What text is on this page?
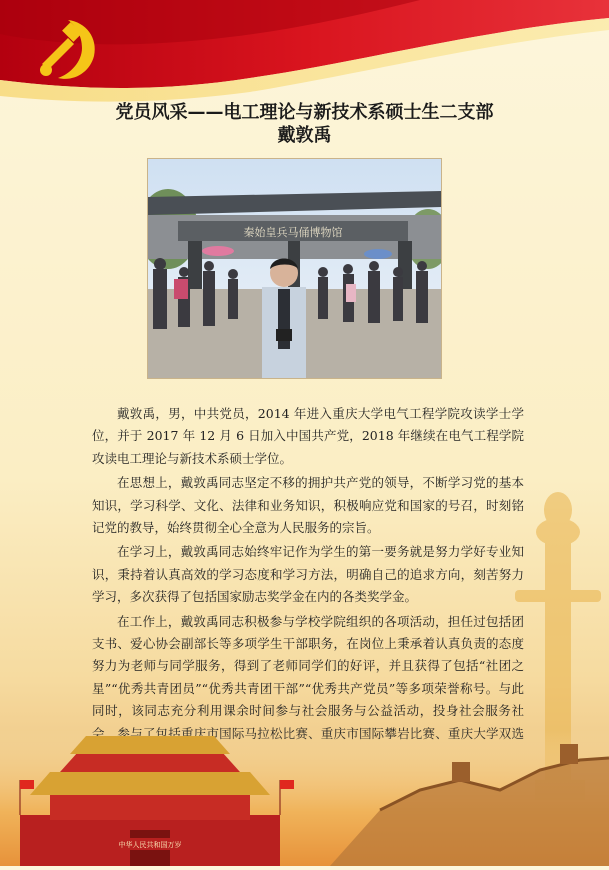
党员风采——电工理论与新技术系硕士生二支部
戴敦禹
秦始皇兵马俑博物馆

戴敦禹，男，中共党员，2014 年进入重庆大学电气工程学院攻读学士学位，并于 2017 年 12 月 6 日加入中国共产党，2018 年继续在电气工程学院攻读电工理论与新技术系硕士学位。

在思想上，戴敦禹同志坚定不移的拥护共产党的领导，不断学习党的基本知识，学习科学、文化、法律和业务知识，积极响应党和国家的号召，时刻铭记党的教导，始终贯彻全心全意为人民服务的宗旨。

在学习上，戴敦禹同志始终牢记作为学生的第一要务就是努力学好专业知识，秉持着认真高效的学习态度和学习方法，明确自己的追求方向，刻苦努力学习，多次获得了包括国家励志奖学金在内的各类奖学金。

在工作上，戴敦禹同志积极参与学校学院组织的各项活动，担任过包括团支书、爱心协会副部长等多项学生干部职务，在岗位上秉承着认真负责的态度努力为老师与同学服务，得到了老师同学们的好评，并且获得了包括“社团之星”“优秀共青团员”“优秀共青团干部”“优秀共产党员”等多项荣誉称号。与此同时，该同志充分利用课余时间参与社会服务与公益活动，投身社会服务社

中华人民共和国万岁
